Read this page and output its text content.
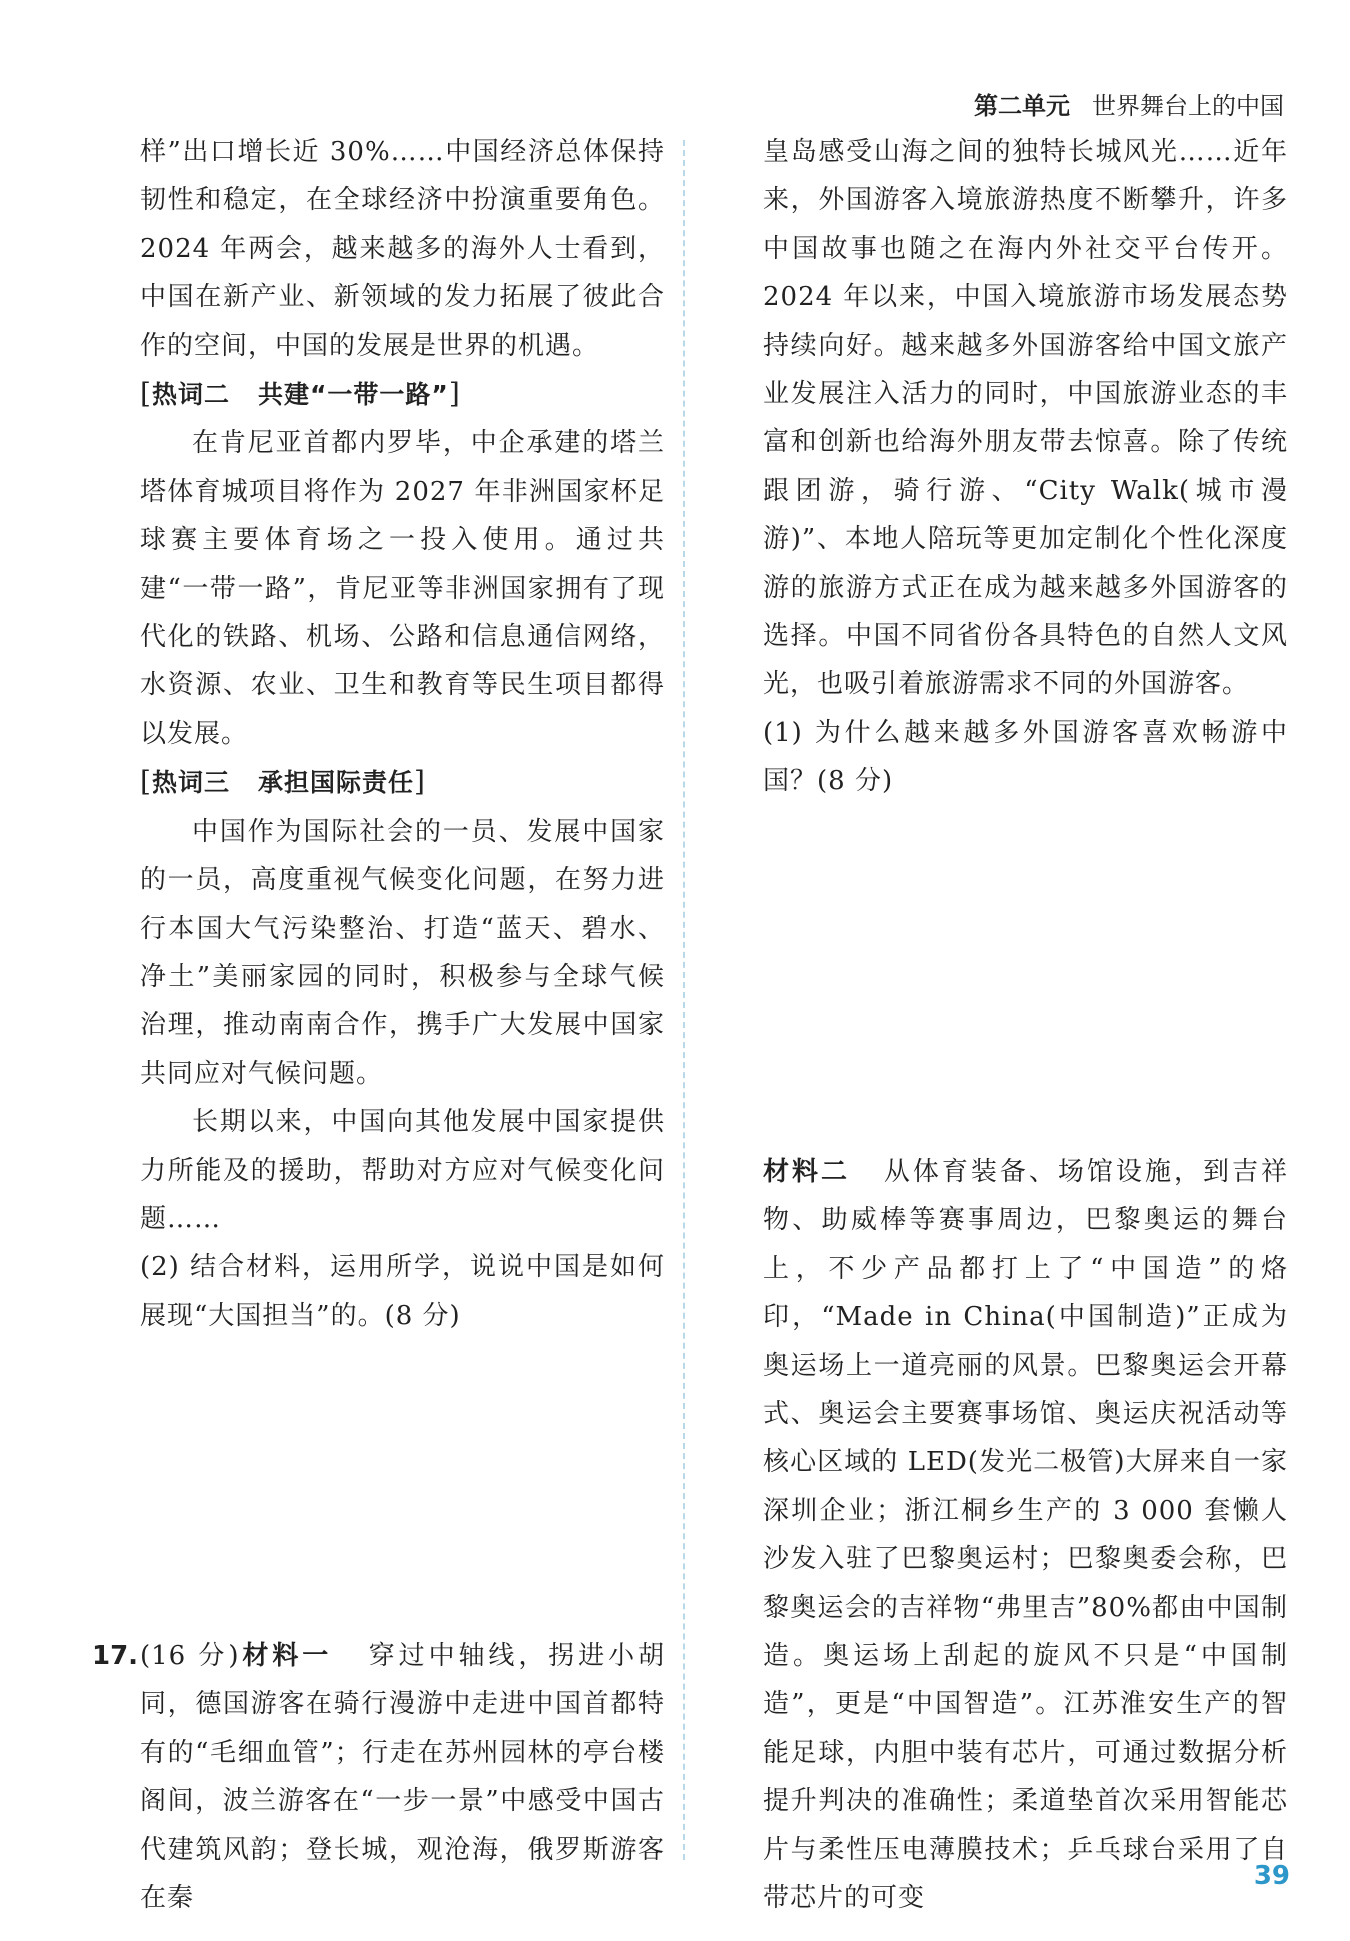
第二单元 世界舞台上的中国

样”出口增长近 30%……中国经济总体保持韧性和稳定，在全球经济中扮演重要角色。2024 年两会，越来越多的海外人士看到，中国在新产业、新领域的发力拓展了彼此合作的空间，中国的发展是世界的机遇。

[热词二 共建“一带一路”]

在肯尼亚首都内罗毕，中企承建的塔兰塔体育城项目将作为 2027 年非洲国家杯足球赛主要体育场之一投入使用。通过共建“一带一路”，肯尼亚等非洲国家拥有了现代化的铁路、机场、公路和信息通信网络，水资源、农业、卫生和教育等民生项目都得以发展。

[热词三 承担国际责任]

中国作为国际社会的一员、发展中国家的一员，高度重视气候变化问题，在努力进行本国大气污染整治、打造“蓝天、碧水、净土”美丽家园的同时，积极参与全球气候治理，推动南南合作，携手广大发展中国家共同应对气候问题。

长期以来，中国向其他发展中国家提供力所能及的援助，帮助对方应对气候变化问题……

(2) 结合材料，运用所学，说说中国是如何展现“大国担当”的。(8 分)

17. (16 分)材料一 穿过中轴线，拐进小胡同，德国游客在骑行漫游中走进中国首都特有的“毛细血管”；行走在苏州园林的亭台楼阁间，波兰游客在“一步一景”中感受中国古代建筑风韵；登长城，观沧海，俄罗斯游客在秦

皇岛感受山海之间的独特长城风光……近年来，外国游客入境旅游热度不断攀升，许多中国故事也随之在海内外社交平台传开。2024 年以来，中国入境旅游市场发展态势持续向好。越来越多外国游客给中国文旅产业发展注入活力的同时，中国旅游业态的丰富和创新也给海外朋友带去惊喜。除了传统跟团游，骑行游、“City Walk(城市漫游)”、本地人陪玩等更加定制化个性化深度游的旅游方式正在成为越来越多外国游客的选择。中国不同省份各具特色的自然人文风光，也吸引着旅游需求不同的外国游客。

(1) 为什么越来越多外国游客喜欢畅游中国？(8 分)

材料二 从体育装备、场馆设施，到吉祥物、助威棒等赛事周边，巴黎奥运的舞台上，不少产品都打上了“中国造”的烙印，“Made in China(中国制造)”正成为奥运场上一道亮丽的风景。巴黎奥运会开幕式、奥运会主要赛事场馆、奥运庆祝活动等核心区域的 LED(发光二极管)大屏来自一家深圳企业；浙江桐乡生产的 3 000 套懒人沙发入驻了巴黎奥运村；巴黎奥委会称，巴黎奥运会的吉祥物“弗里吉”80%都由中国制造。奥运场上刮起的旋风不只是“中国制造”，更是“中国智造”。江苏淮安生产的智能足球，内胆中装有芯片，可通过数据分析提升判决的准确性；柔道垫首次采用智能芯片与柔性压电薄膜技术；乒乓球台采用了自带芯片的可变

39
